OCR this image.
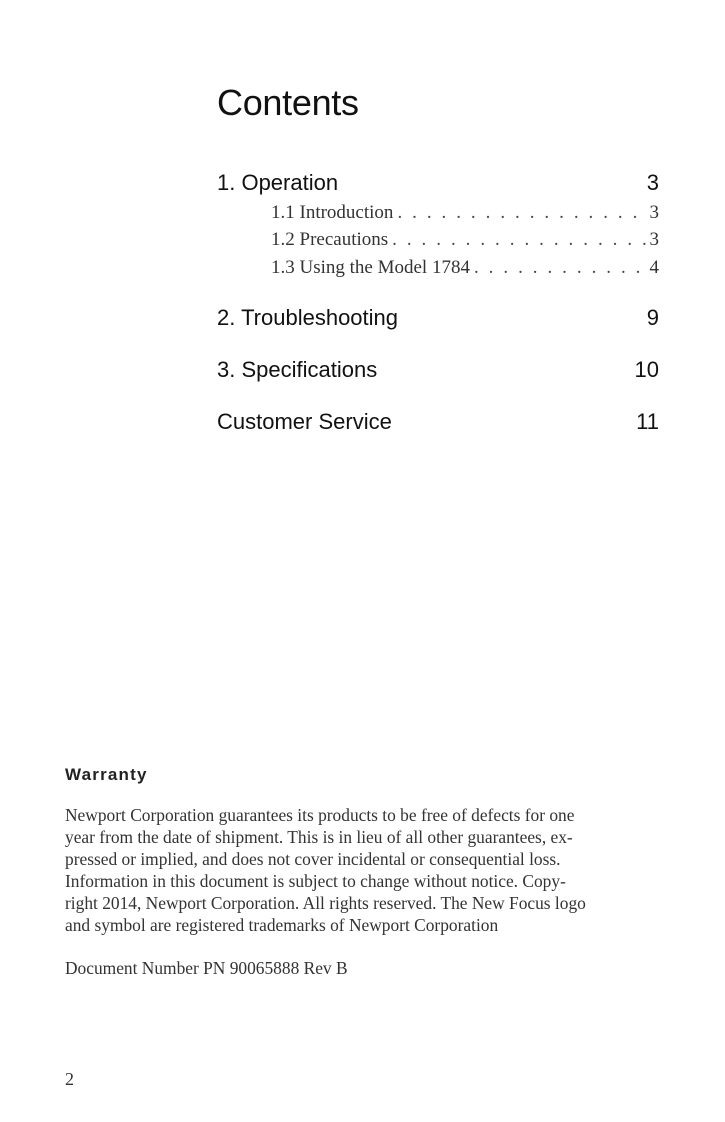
Contents
1. Operation	3
1.1 Introduction . . .	3
1.2 Precautions . . .	3
1.3 Using the Model 1784 . . .	4
2. Troubleshooting	9
3. Specifications	10
Customer Service	11
Warranty
Newport Corporation guarantees its products to be free of defects for one
year from the date of shipment. This is in lieu of all other guarantees, ex-
pressed or implied, and does not cover incidental or consequential loss.
Information in this document is subject to change without notice. Copy-
right 2014, Newport Corporation. All rights reserved. The New Focus logo
and symbol are registered trademarks of Newport Corporation
Document Number PN 90065888 Rev B
2
